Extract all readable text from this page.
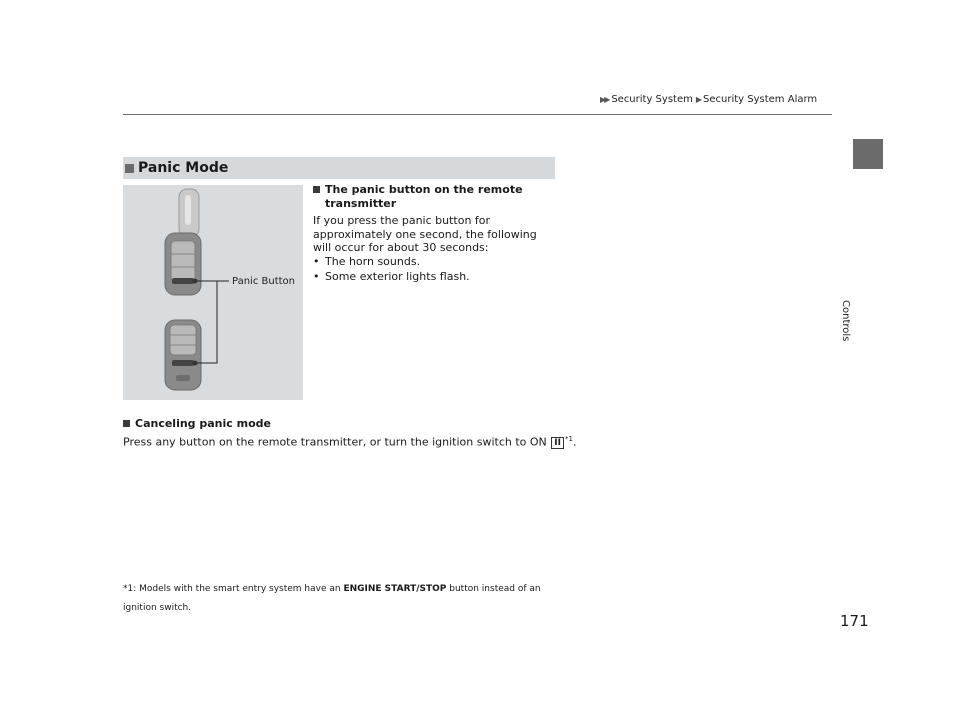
▶▶ Security System ▶ Security System Alarm
Controls
Panic Mode
Panic Button
The panic button on the remote transmitter
If you press the panic button for approximately one second, the following will occur for about 30 seconds:
• The horn sounds.
• Some exterior lights flash.
Canceling panic mode
Press any button on the remote transmitter, or turn the ignition switch to ON II $^{*1}$.
*1: Models with the smart entry system have an ENGINE START/STOP button instead of an ignition switch.
171
